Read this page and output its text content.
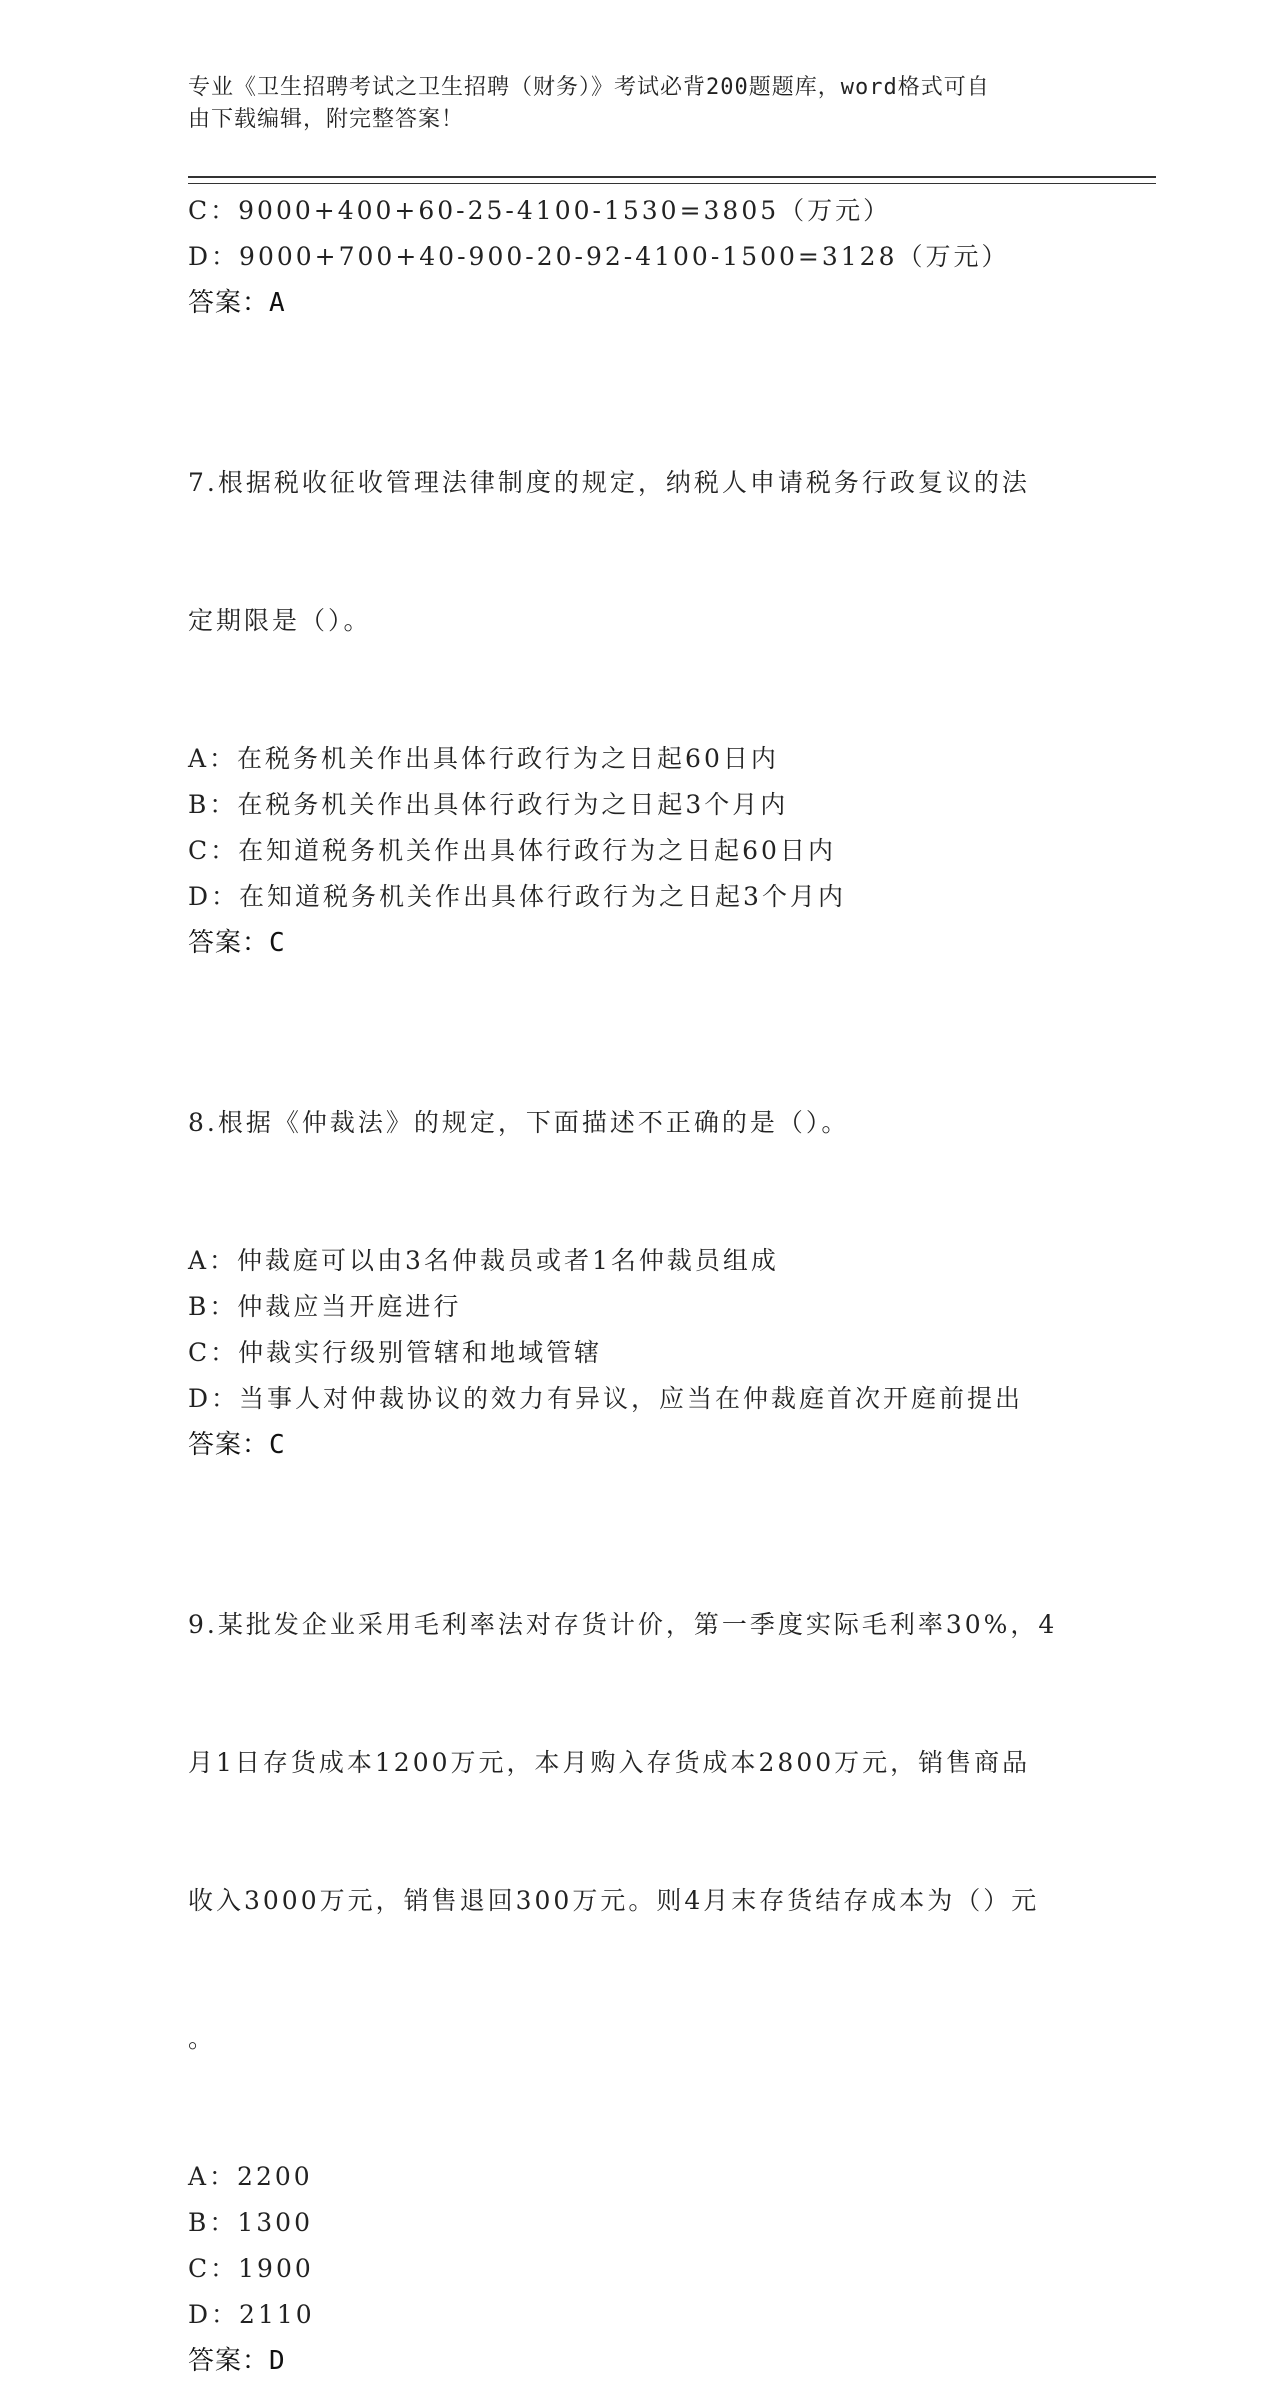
专业《卫生招聘考试之卫生招聘（财务）》考试必背200题题库，word格式可自
由下载编辑，附完整答案！
C：9000+400+60-25-4100-1530=3805（万元）
D：9000+700+40-900-20-92-4100-1500=3128（万元）
答案：A

7.根据税收征收管理法律制度的规定，纳税人申请税务行政复议的法

定期限是（）。

A：在税务机关作出具体行政行为之日起60日内
B：在税务机关作出具体行政行为之日起3个月内
C：在知道税务机关作出具体行政行为之日起60日内
D：在知道税务机关作出具体行政行为之日起3个月内
答案：C

8.根据《仲裁法》的规定，下面描述不正确的是（）。

A：仲裁庭可以由3名仲裁员或者1名仲裁员组成
B：仲裁应当开庭进行
C：仲裁实行级别管辖和地域管辖
D：当事人对仲裁协议的效力有异议，应当在仲裁庭首次开庭前提出
答案：C

9.某批发企业采用毛利率法对存货计价，第一季度实际毛利率30%，4

月1日存货成本1200万元，本月购入存货成本2800万元，销售商品

收入3000万元，销售退回300万元。则4月末存货结存成本为（）元

。

A：2200
B：1300
C：1900
D：2110
答案：D
